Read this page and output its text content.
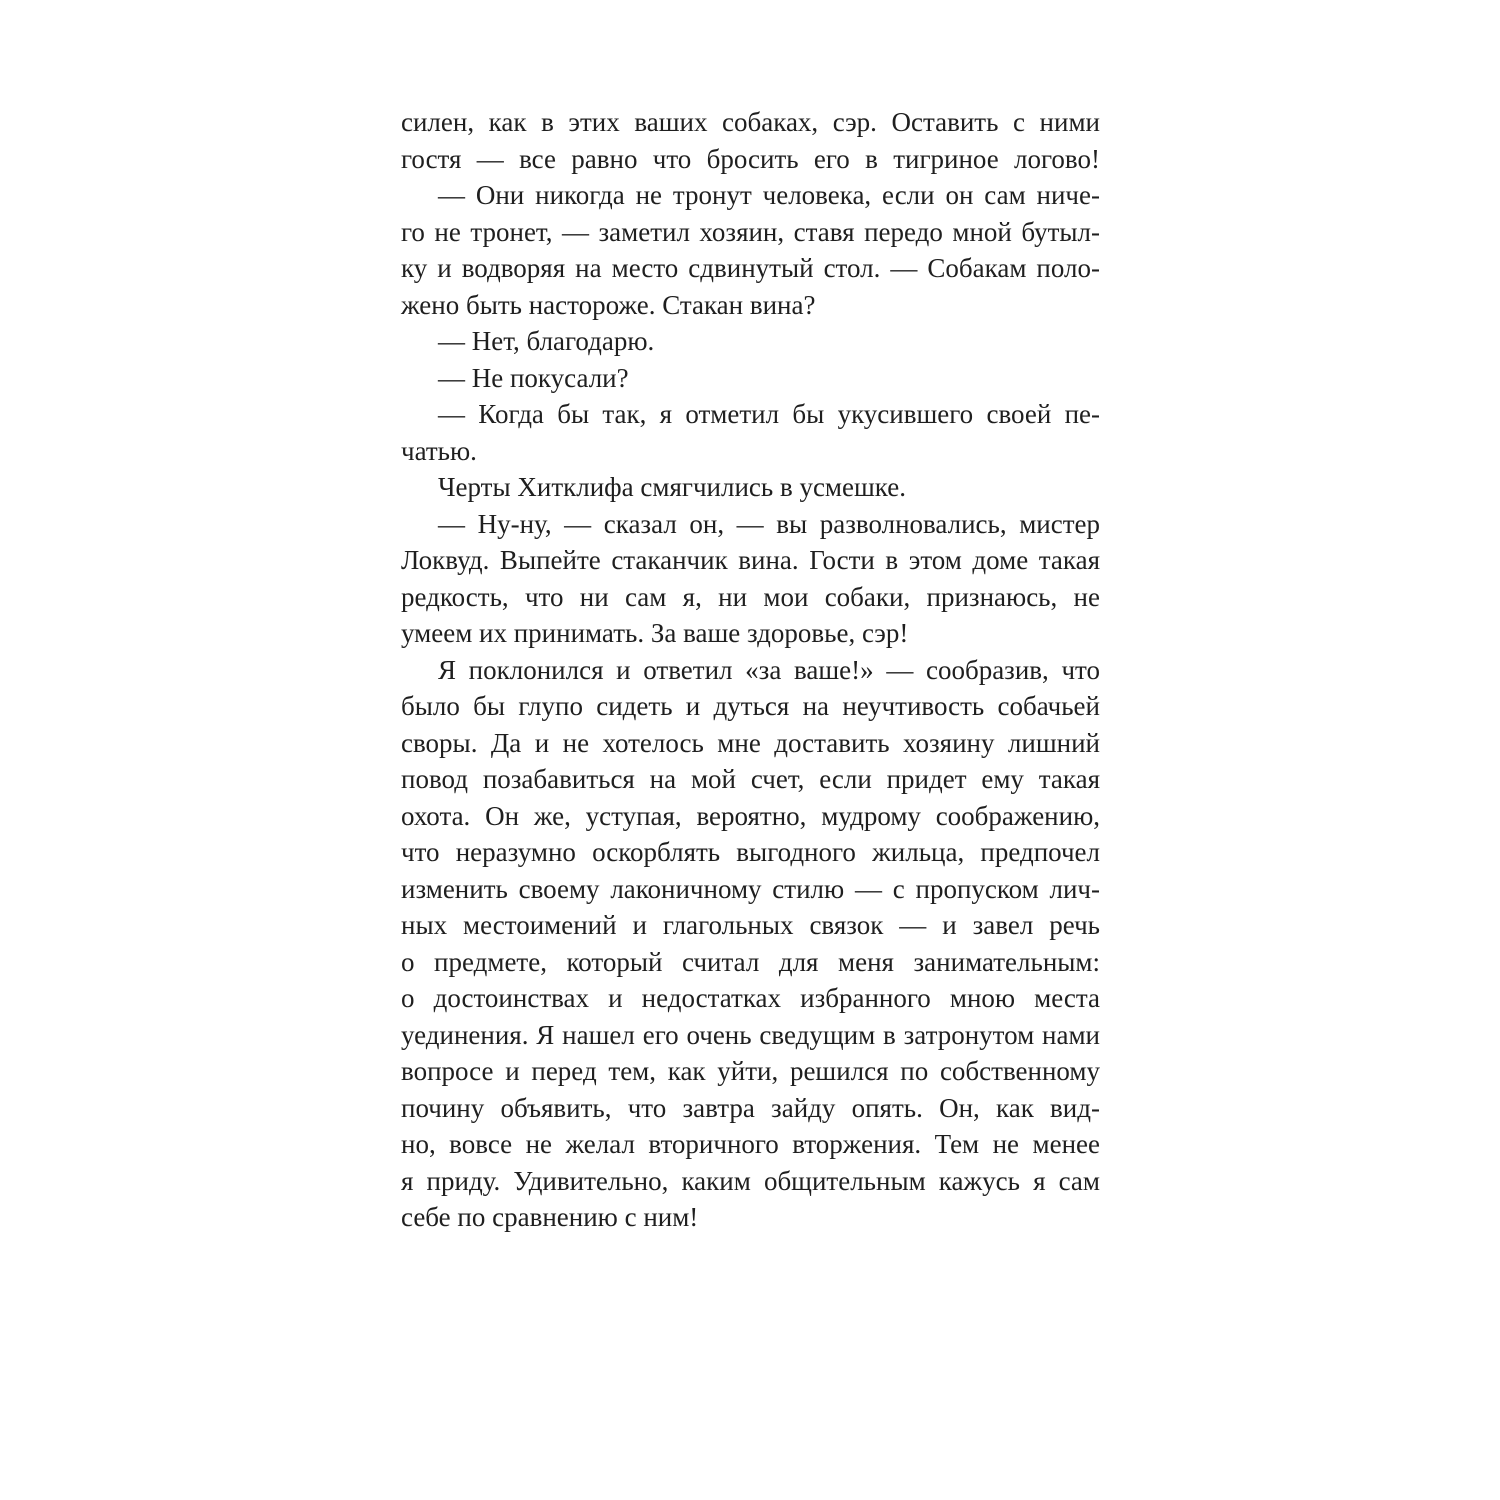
силен, как в этих ваших собаках, сэр. Оставить с ними
гостя — все равно что бросить его в тигриное логово!
— Они никогда не тронут человека, если он сам ниче-
го не тронет, — заметил хозяин, ставя передо мной бутыл-
ку и водворяя на место сдвинутый стол. — Собакам поло-
жено быть настороже. Стакан вина?
— Нет, благодарю.
— Не покусали?
— Когда бы так, я отметил бы укусившего своей пе-
чатью.
Черты Хитклифа смягчились в усмешке.
— Ну-ну, — сказал он, — вы разволновались, мистер
Локвуд. Выпейте стаканчик вина. Гости в этом доме такая
редкость, что ни сам я, ни мои собаки, признаюсь, не
умеем их принимать. За ваше здоровье, сэр!
Я поклонился и ответил «за ваше!» — сообразив, что
было бы глупо сидеть и дуться на неучтивость собачьей
своры. Да и не хотелось мне доставить хозяину лишний
повод позабавиться на мой счет, если придет ему такая
охота. Он же, уступая, вероятно, мудрому соображению,
что неразумно оскорблять выгодного жильца, предпочел
изменить своему лаконичному стилю — с пропуском лич-
ных местоимений и глагольных связок — и завел речь
о предмете, который считал для меня занимательным:
о достоинствах и недостатках избранного мною места
уединения. Я нашел его очень сведущим в затронутом нами
вопросе и перед тем, как уйти, решился по собственному
почину объявить, что завтра зайду опять. Он, как вид-
но, вовсе не желал вторичного вторжения. Тем не менее
я приду. Удивительно, каким общительным кажусь я сам
себе по сравнению с ним!
